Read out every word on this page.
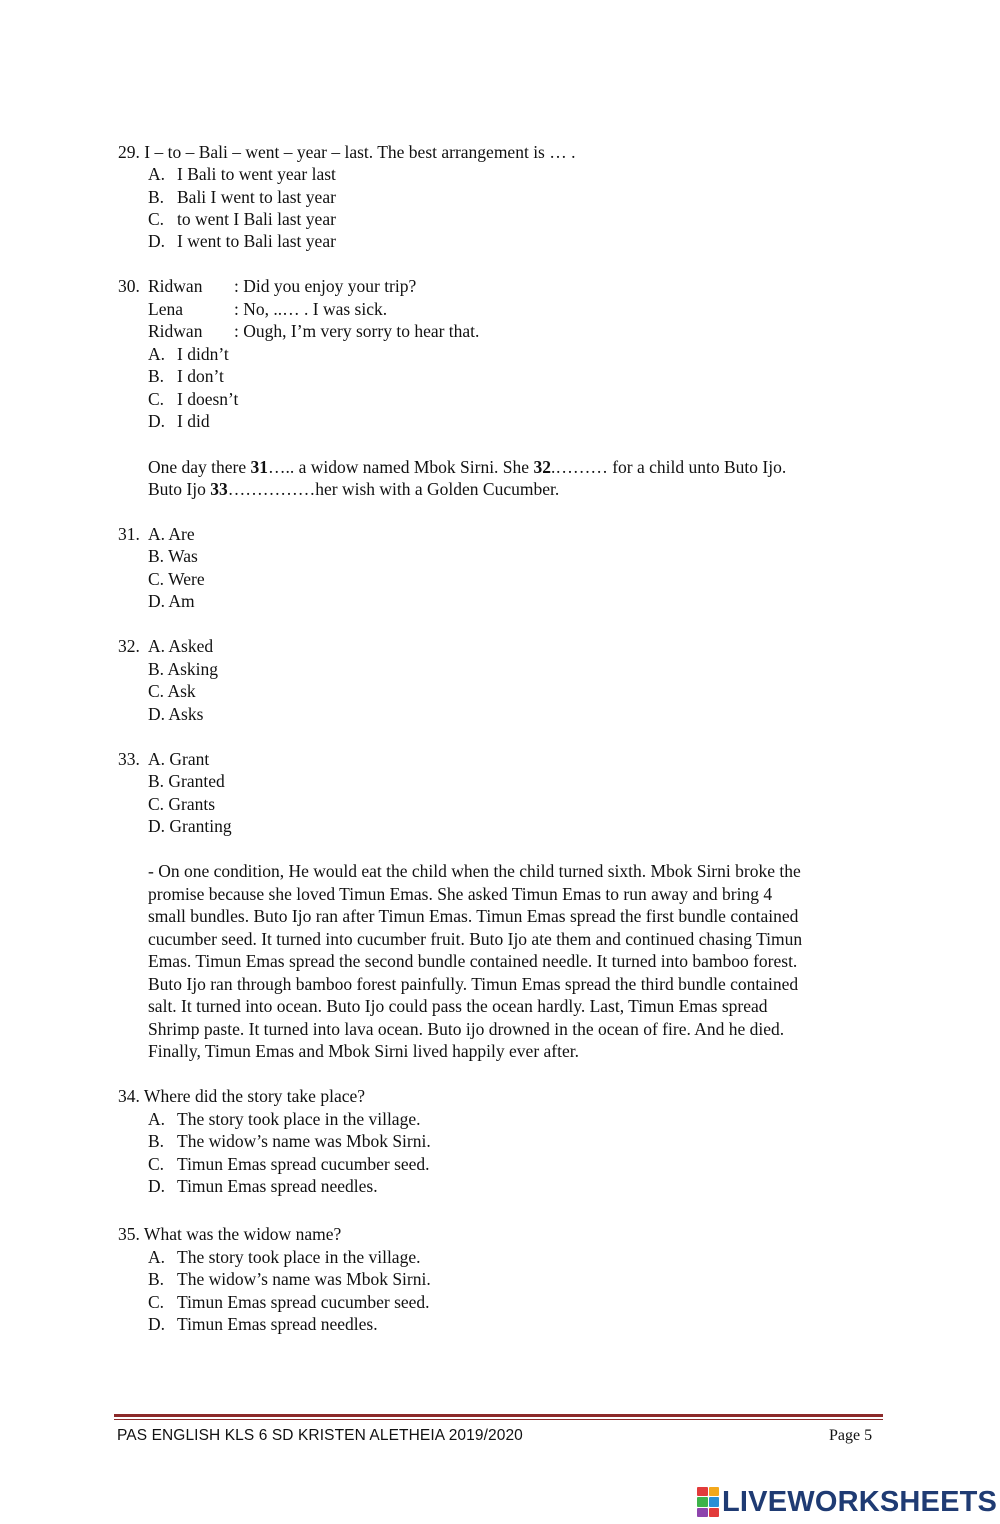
29. I – to – Bali – went – year – last. The best arrangement is … .
A. I Bali to went year last
B. Bali I went to last year
C. to went I Bali last year
D. I went to Bali last year
30. Ridwan : Did you enjoy your trip?
Lena	: No, ..… . I was sick.
Ridwan : Ough, I’m very sorry to hear that.
A. I didn’t
B. I don’t
C. I doesn’t
D. I did
One day there 31….. a widow named Mbok Sirni. She 32.……… for a child unto Buto Ijo.
Buto Ijo 33……………her wish with a Golden Cucumber.
31. A. Are
B. Was
C. Were
D. Am
32. A. Asked
B. Asking
C. Ask
D. Asks
33. A. Grant
B. Granted
C. Grants
D. Granting
- On one condition, He would eat the child when the child turned sixth. Mbok Sirni broke the
promise because she loved Timun Emas. She asked Timun Emas to run away and bring 4
small bundles. Buto Ijo ran after Timun Emas. Timun Emas spread the first bundle contained
cucumber seed. It turned into cucumber fruit. Buto Ijo ate them and continued chasing Timun
Emas. Timun Emas spread the second bundle contained needle. It turned into bamboo forest.
Buto Ijo ran through bamboo forest painfully. Timun Emas spread the third bundle contained
salt. It turned into ocean. Buto Ijo could pass the ocean hardly. Last, Timun Emas spread
Shrimp paste. It turned into lava ocean. Buto ijo drowned in the ocean of fire. And he died.
Finally, Timun Emas and Mbok Sirni lived happily ever after.
34. Where did the story take place?
A. The story took place in the village.
B. The widow’s name was Mbok Sirni.
C. Timun Emas spread cucumber seed.
D. Timun Emas spread needles.
35. What was the widow name?
A. The story took place in the village.
B. The widow’s name was Mbok Sirni.
C. Timun Emas spread cucumber seed.
D. Timun Emas spread needles.
PAS ENGLISH KLS 6 SD KRISTEN ALETHEIA 2019/2020	Page 5
LIVEWORKSHEETS
